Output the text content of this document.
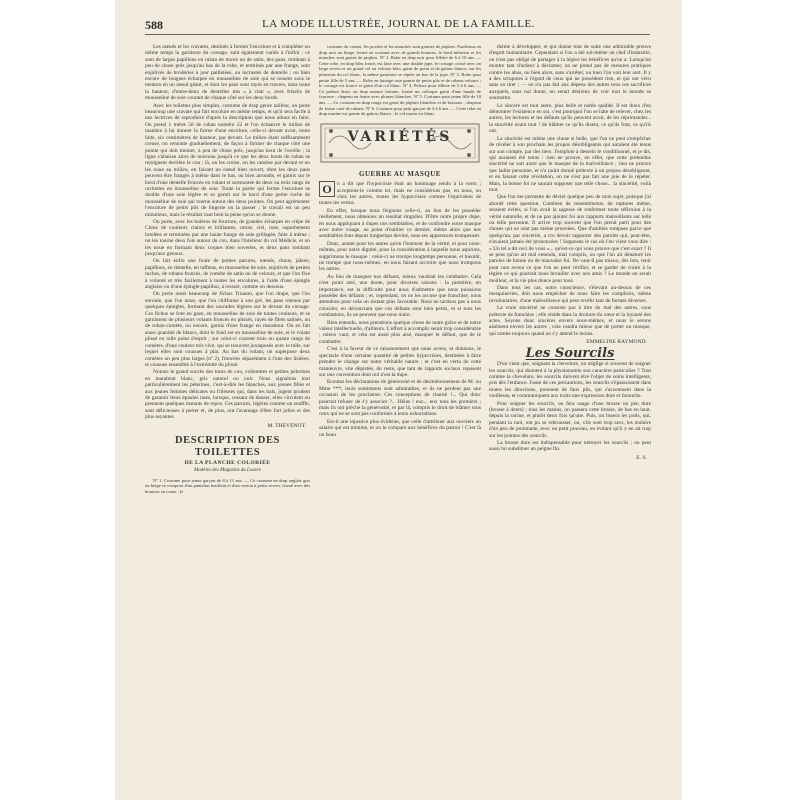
LA MODE ILLUSTRÉE, JOURNAL DE LA FAMILLE.
588

Les nœuds et les cravates, destinés à former l'encolure et à compléter ou même temps la garniture du corsage, sont également variés à l'infini : ce sont de larges papillons en ruban de moire ou de satin, des pans, tombant à peu de chose près jusqu'au bas de la robe, et terminés par une frange, sont enjolivés de broderies à jour pailletées, ou incrustés de dentelle ; ou bien encore de longues écharpes en mousseline de soie qui se nouent sous le menton en un nœud géant, et dont les pans sont rayés en travers, dans toute la hauteur, d'entre-deux de dentelles mis « à clair », avec friselis de mousseline de soie courant de chaque côté sur les deux bords.

Avec les toilettes plus simples, costume de drap genre tailleur, on porte beaucoup une cravate qui fait encolure en même temps, et qu'il sera facile à nos lectrices de reproduire d'après la description que nous allons en faire. On prend 1 mètre 50 de ruban numéro 22 et l'on échancre le milieu de manière à lui donner la forme d'une encolure, celle-ci devant avoir, toute faite, six centimètres de hauteur, par devant. Le milieu étant suffisamment creusé, on remonte graduellement, de façon à former de chaque côté une pointe qui doit monter, à peu de chose près, jusqu'au bout de l'oreille ; la ligne s'abaisse alors de nouveau jusqu'à ce que les deux bouts du ruban se rejoignent derrière le cou ; là, on les croise, on les ramène par devant et on les noue au milieu, en faisant un nœud bien ouvert, dont les deux pans peuvent être frangés à même dans le bas, ou bien arrondis, et garnis sur le bord d'une dentelle froncée en volant et surmontée de deux ou trois rangs de ruchettes en mousseline de soie. Toute la partie qui forme l'encolure se double d'une soie légère et se garnit sur le bord d'une petite ruche de mousseline de soie qui tourne autour des deux pointes. On peut agrémenter l'encolure de petits plis de lingerie ou la passer ; le travail est un peu minutieux, mais le résultat vaut bien la peine qu'on se donne.

On porte, avec les boléros de fourrure, de grandes écharpes en crêpe de Chine de couleurs claires et brillantes, cerise, ciel, rose, superbement brodées et terminées par une haute frange de soie grillagée, faite à même ; on les tourne deux fois autour du cou, dans l'intérieur du col Médicis, et on les noue en formant deux coques bien ouvertes, et deux pans tombant jusqu'aux genoux.

On fait enfin une foule de petites parures, nœuds, chous, jabots, papillons, en dentelle, en taffetas, en mousseline de soie, enjolivés de petites ruches, de rubans froncés, de comète de satin ou de velours, et que l'on fixe à volonté et très facilement à toutes les encolures, à l'aide d'une épingle anglaise ou d'une épingle-papillon, à ressort, comme on dessous.

On porte aussi beaucoup de fichus Trianon, que l'on drape, que l'on enroule, que l'on noue, que l'on chiffonne à son gré, les pans retenus par quelques épingles, formant des cascades légères sur le devant du corsage. Ces fichus se font en gaze, en mousseline de soie de toutes couleurs, et se garnissent de plusieurs volants froncés en plissés, rayés de filets satinés, ou de ruban-comète, ou encore, garnis d'une frange en marabout. On en fait aussi quantité de blancs, dont le fond est en mousseline de soie, et le volant plissé en tulle point d'esprit ; sur celui-ci courent trois ou quatre rangs de comètes, d'une couleur très vive, qui se trouvent juxtaposés avec le tulle, sur lequel elles sont cousues à plat. Au bas du volant, on superpose deux comètes un peu plus larges (nº 2), froncées séparément à l'une des lisières, et cousues ensemble à l'extrémité du plissé.

Notons le grand succès des tours de cou, collerettes et petites pèlerines en marabout blanc, gris naturel ou noir. Nous signalons tout particulièrement les pèlerines, c'est-à-dire les blanches, aux jeunes filles et aux jeunes femmes délicates ou frileuses qui, dans les bals, jugent prudent de garantir leurs épaules nues, lorsque, cessant de danser, elles circulent ou prennent quelques instants de repos. Ces parures, légères comme un souffle, sont délicieuses à porter et, de plus, ont l'avantage d'être fort jolies et des plus seyantes.

M. THEVENOT.
DESCRIPTION DES TOILETTES
DE LA PLANCHE COLORIÉE
Modèles des Magasins du Louvre

Nº 1. Costume pour jeune garçon de 8 à 11 ans. — Ce costume en drap anglais gris ou beige se compose d'un pantalon bouffant et d'un veston à petits revers, fermé avec des boutons en corne ; le

costume du veston, les poches et les manches sont garnies de piqûres. Pardessus en drap noir ou beige, fermé en croisant avec de grands boutons, le bord inférieur et les manches sont garnis de piqûres. Nº 2. Robe en drap noir pour fillette de 6 à 10 ans. — Cette robe, en drap bleu foncé, est faite avec une double jupe, le corsage croisé avec un large revers et un grand col en velours bleu, garni de point et de galons blancs, sur les plastrons du col blanc, la même garniture se répète au bas de la jupe. Nº 3. Robe pour petite fille de 5 ans. — Robe en lainage rose garnie de petits plis et de rubans velours ; le corsage est froncé et garni d'un col blanc. Nº 4. Pelisse pour fillette de 5 à 6 ans. — Ce paletot droit, en drap nuance havane, forme un colloque garni d'une bande de fourrure ; chapeau en feutre avec plumes blanches. Nº 5. Costume pour jeune fille de 10 ans. — Ce costume en drap rouge est garni de piqûres blanches et de boutons ; chapeau de feutre orné de rubans. Nº 6. Costume pour petit garçon de 4 à 6 ans. — Cette robe en drap marine est garnie de galons blancs ; le col marin est blanc.

VARIÉTÉS
GUERRE AU MASQUE

O n a dit que l'hypocrisie était un hommage rendu à la vertu ; acceptons-le comme tel, mais ne considérons pas, en nous, ou chez les autres, toutes les hypocrisies comme l'équivalent de toutes les vertus.

En effet, lorsque nous feignons celle-ci, au lieu de les posséder réellement, nous obtenons un résultat singulier. D'être notre propre dupe, en nous appliquant à dupes nos semblables, et de confondre notre masque avec notre visage, au point d'oublier ce dernier, même alors que nos semblables font depuis longtemps deviné, sous ses apparences trompeuses.

Donc, autant pour les autres qu'en l'honneur de la vérité, et pour nous-mêmes, pour notre dignité, pour la considération à laquelle nous aspirons, supprimons le masque : celui-ci ne trompe longtemps personne, et bientôt, ne trompe que nous-mêmes, en nous faisant accroire que nous trompons les autres.

Au lieu de masquer nos défauts, mieux vaudrait les combattre. Cela n'est point aisé, une doute, pour diverses raisons : la première, en importance, est la difficulté pour nous d'admettre que nous puissions posséder des défauts ; et, cependant, on ne les accuse que franchise, nous attendons pour cela un instant plus favorable. Nous ne tardons pas à nous consoler, en découvrant que ces défauts sont bien petits, et si tous les combattons, ils ne peuvent que nous nuire.

Bien entendu, nous prendrons quelque chose de notre grâce et de notre valeur intellectuelle, d'ailleurs. L'effort à accomplir serait trop considérable ; mieux vaut, et cela est aussi plus aisé, masquer le défaut, que de le combattre.

C'est à la faveur de ce raisonnement que nous avons, et donnons, le spectacle d'une certaine quantité de petites hypocrisies, destinées à faire prendre le change sur notre véritable nature ; et c'est en vertu de cette manœuvre, vite dépistée, du reste, que tant de rapports sociaux reposent sur une convention dont nul n'est la dupe.

Ecoutez les déclarations de générosité et de désintéressement de M. ou Mme ***; leurs sentiments sont admirables, et ils ne perdent pas une occasion de les proclamer. Ces conceptions de charité !... Qui donc pourrait refuser de s'y associer ?... Hélas ! eux... eux tous les premiers ; mais ils ont prêché la générosité, et par là, compris le droit de blâmer tous ceux qui ne se sont pas conformés à leurs exhortations.

Est-il une injustice plus évidente, que celle d'attribuer aux ouvriers un salaire qui est minime, et on le compare aux bénéfices du patron ! C'est là un beau

thème à développer, et qui donne tout de suite une admirable preuve d'esprit humanitaire. Cependant si l'on a été sol-même un chef d'industrie, on n'est pas obligé de partager à la légère les bénéfices qu'on a. Lorsqu'on montre tant d'ardeur à déclamer, on ne prend pas de mesures pratiques contre les abus, ou bien alors, sans s'arrêter, ou bien l'on voit leur sort. Il y a des scrupules à l'égard de ceux qui ne possèdent rien, et qui ont vécu sans en tirer ; — on n'a pas fait aux dépens des autres tous ces sacrifices auxquels, sans nul doute, on serait désireux de voir tout le monde se soumettre.

Le sincère est tout autre, plus belle et noble qualité. Il est doux d'en démontrer l'existence en soi, c'est pourquoi l'on se hâte de relever, chez les autres, les lectures et les défauts qu'ils peuvent avoir, de les réprimander... la sincérité avant tout ! de blâmer ce qu'ils disent, ce qu'ils font, ce qu'ils ont.

La sincérité est même une chose si belle, que l'on ne peut s'empêcher de révéler à son prochain les propos désobligeants qui auraient été tenus sur son compte, par des tiers. J'emploie à dessein le conditionnel, et je dis, qui auraient été tenus : rien ne prouve, en effet, que cette prétendue sincérité ne soit autre que le masque de la malveillance ; rien ne prouve que ladite personne, et n'a point donné prétexte à un propos désobligeant, et en faisant cette révélation, on ne s'est pas fait une joie de le répéter. Mais, la bonne foi ne saurait supposer une telle chose... la sincérité, voilà tout.

Que l'on me permette de dévier quelque peu de mon sujet, puisque j'ai abordé cette question. Combien de ressentiments, de ruptures même, seraient évités, si l'on avait la sagesse de renfermer toute réflexion à la vérité naturelle, et de ne pas ajouter foi aux rapports malveillants sur telle ou telle personne. Il arrive trop souvent que l'on prend parti pour des choses qui ne sont pas même prouvées. Que d'amitiés rompues parce que quelqu'un, par sincérité, a cru devoir rapporter des paroles qui, peut-être, n'avaient jamais été prononcées ! Supposez le cas où l'on vient vous dire : « Un tel a dit ceci de vous »... qu'est-ce qui vous prouve que c'est exact ? Il se peut qu'on ait mal entendu, mal compris, ou que l'on ait dénaturé les paroles de bonne ou de mauvaise foi. Ne vaut-il pas mieux, dès lors, tenir pour non avenu ce que l'on ne peut vérifier, et se garder de croire à la légère ce qui pourrait nous brouiller avec nos amis ? Le monde en serait meilleur, et la vie plus douce pour tous.

Dans tous les cas, notre conscience, s'élevant au-dessus de ces mesquineries, doit nous empêcher de nous faire les complices, même involontaires, d'une malveillance qui peut revêtir tant de formes diverses.

La vraie sincérité ne consiste pas à dire du mal des autres, sous prétexte de franchise ; elle réside dans la droiture du cœur et la loyauté des actes. Soyons donc sincères envers nous-mêmes, et nous le serons aisément envers les autres ; cela vaudra mieux que de porter un masque, qui tombe toujours quand on s'y attend le moins.

EMMELINE RAYMOND.
Les Sourcils

D'un vient que, soignant la chevelure, on néglige si souvent de soigner les sourcils, qui donnent à la physionomie son caractère particulier ? Tout comme la chevelure, les sourcils doivent être l'objet de soins intelligents, pris dès l'enfance. Faute de ces précautions, les sourcils s'épaississent dans toutes les directions, prennent de faux plis, qui s'accentuent dans la vieillesse, et communiquent aux traits une expression dure et farouche.

Pour soigner les sourcils, on fera usage d'une brosse un peu dure (brosse à dents) ; tous les matins, on passera cette brosse, de bas en haut, depuis la racine, et plutôt deux fois qu'une. Puis, on lissera les poils, qui, pendant la nuit, ont pu se rebrousser, ou, s'ils sont trop secs, les enduire d'un peu de pommade, avec un petit pinceau, en évitant qu'il y en ait trop sur les pointes des sourcils.

La brosse dure est indispensable pour nettoyer les sourcils ; on peut aussi lui substituer un peigne fin.

E. S.
